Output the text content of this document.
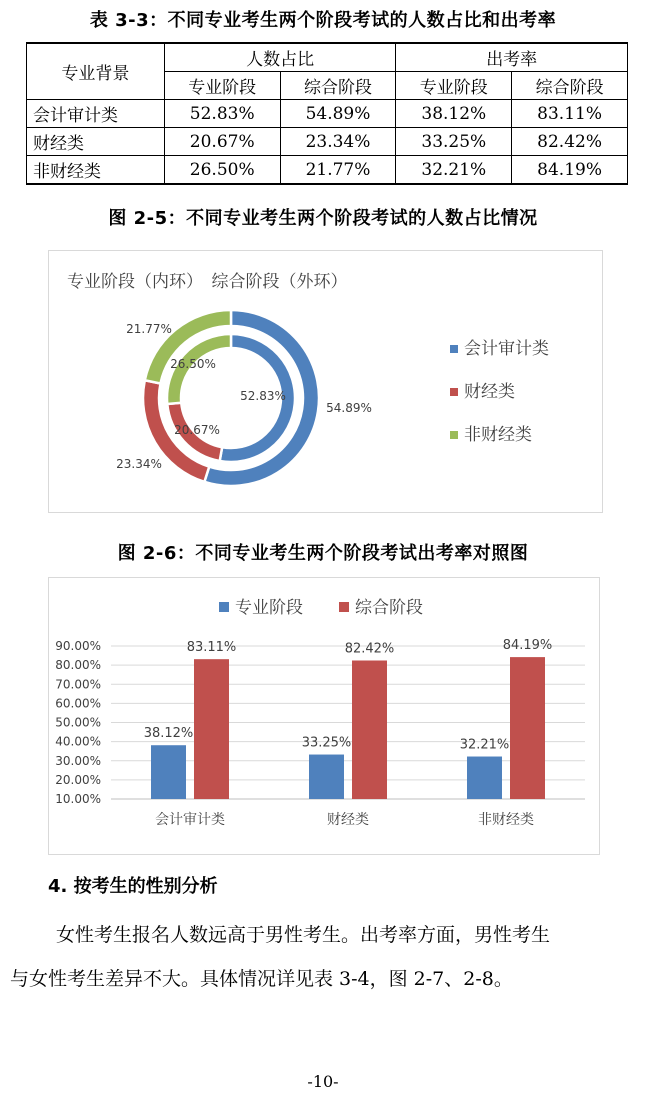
表 3-3：不同专业考生两个阶段考试的人数占比和出考率
专业背景	人数占比		出考率	
	专业阶段	综合阶段	专业阶段	综合阶段
会计审计类	52.83%	54.89%	38.12%	83.11%
财经类	20.67%	23.34%	33.25%	82.42%
非财经类	26.50%	21.77%	32.21%	84.19%
图 2-5：不同专业考生两个阶段考试的人数占比情况
专业阶段（内环）　综合阶段（外环）
52.83%
20.67%
26.50%
54.89%
23.34%
21.77%
会计审计类
财经类
非财经类
图 2-6：不同专业考生两个阶段考试出考率对照图
专业阶段	综合阶段
10.00%
20.00%
30.00%
40.00%
50.00%
60.00%
70.00%
80.00%
90.00%
38.12%
83.11%
会计审计类
33.25%
82.42%
财经类
32.21%
84.19%
非财经类
4. 按考生的性别分析
女性考生报名人数远高于男性考生。出考率方面，男性考生
与女性考生差异不大。具体情况详见表 3-4，图 2-7、2-8。
-10-
